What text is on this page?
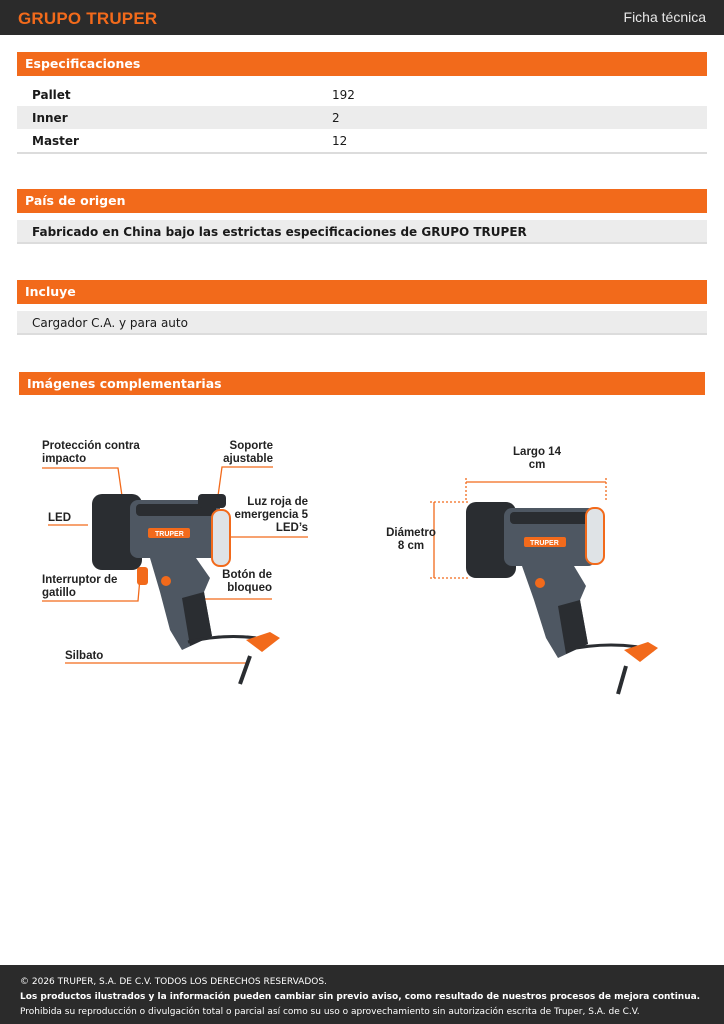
GRUPO TRUPER	Ficha técnica
Especificaciones
Pallet	192
Inner	2
Master	12
País de origen
Fabricado en China bajo las estrictas especificaciones de GRUPO TRUPER
Incluye
Cargador C.A. y para auto
Imágenes complementarias
TRUPER
Protección contra impacto
Soporte ajustable
LED
Luz roja de emergencia 5 LED’s
Interruptor de gatillo
Botón de bloqueo
Silbato
TRUPER
Largo 14 cm
Diámetro 8 cm
© 2026 TRUPER, S.A. DE C.V. TODOS LOS DERECHOS RESERVADOS.
Los productos ilustrados y la información pueden cambiar sin previo aviso, como resultado de nuestros procesos de mejora continua.
Prohibida su reproducción o divulgación total o parcial así como su uso o aprovechamiento sin autorización escrita de Truper, S.A. de C.V.
